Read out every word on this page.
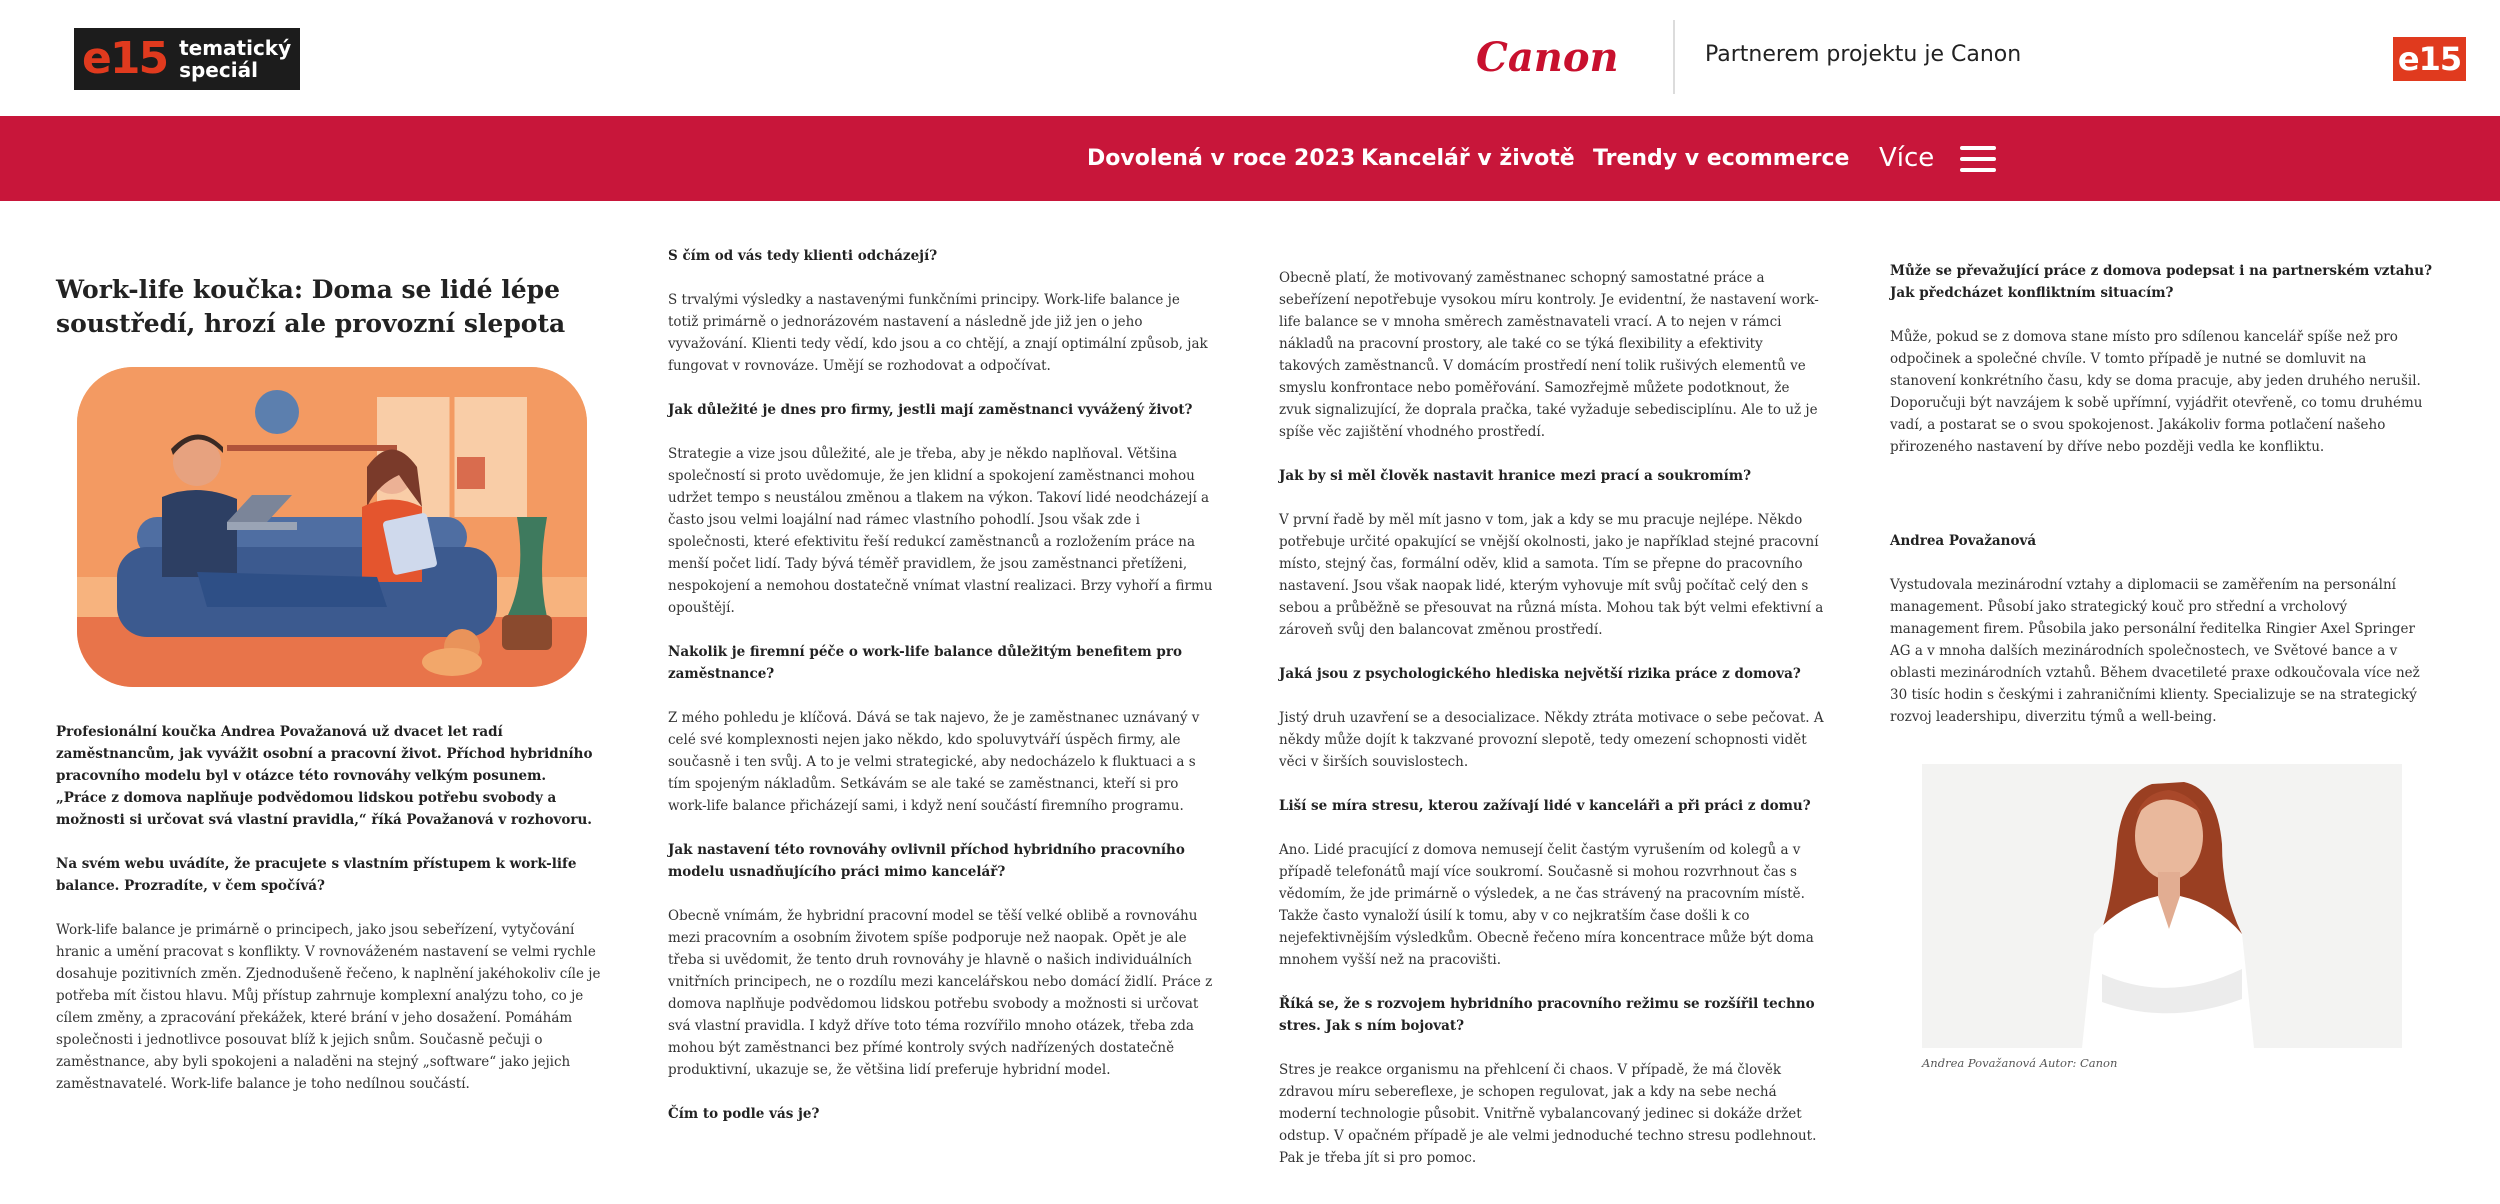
e15 tematický
speciál	Canon	Partnerem projektu je Canon	e15
Dovolená v roce 2023 Kancelář v životě Trendy v ecommerce Více
Work-life koučka: Doma se lidé lépe soustředí, hrozí ale provozní slepota

Profesionální koučka Andrea Považanová už dvacet let radí zaměstnancům, jak vyvážit osobní a pracovní život. Příchod hybridního pracovního modelu byl v otázce této rovnováhy velkým posunem. „Práce z domova naplňuje podvědomou lidskou potřebu svobody a možnosti si určovat svá vlastní pravidla,“ říká Považanová v rozhovoru.

Na svém webu uvádíte, že pracujete s vlastním přístupem k work-life balance. Prozradíte, v čem spočívá?

Work-life balance je primárně o principech, jako jsou sebeřízení, vytyčování hranic a umění pracovat s konflikty. V rovnováženém nastavení se velmi rychle dosahuje pozitivních změn. Zjednodušeně řečeno, k naplnění jakéhokoliv cíle je potřeba mít čistou hlavu. Můj přístup zahrnuje komplexní analýzu toho, co je cílem změny, a zpracování překážek, které brání v jeho dosažení. Pomáhám společnosti i jednotlivce posouvat blíž k jejich snům. Současně pečuji o zaměstnance, aby byli spokojeni a naladěni na stejný „software“ jako jejich zaměstnavatelé. Work-life balance je toho nedílnou součástí.

S čím od vás tedy klienti odcházejí?

S trvalými výsledky a nastavenými funkčními principy. Work-life balance je totiž primárně o jednorázovém nastavení a následně jde již jen o jeho vyvažování. Klienti tedy vědí, kdo jsou a co chtějí, a znají optimální způsob, jak fungovat v rovnováze. Umějí se rozhodovat a odpočívat.

Jak důležité je dnes pro firmy, jestli mají zaměstnanci vyvážený život?

Strategie a vize jsou důležité, ale je třeba, aby je někdo naplňoval. Většina společností si proto uvědomuje, že jen klidní a spokojení zaměstnanci mohou udržet tempo s neustálou změnou a tlakem na výkon. Takoví lidé neodcházejí a často jsou velmi loajální nad rámec vlastního pohodlí. Jsou však zde i společnosti, které efektivitu řeší redukcí zaměstnanců a rozložením práce na menší počet lidí. Tady bývá téměř pravidlem, že jsou zaměstnanci přetíženi, nespokojení a nemohou dostatečně vnímat vlastní realizaci. Brzy vyhoří a firmu opouštějí.

Nakolik je firemní péče o work-life balance důležitým benefitem pro zaměstnance?

Z mého pohledu je klíčová. Dává se tak najevo, že je zaměstnanec uznávaný v celé své komplexnosti nejen jako někdo, kdo spoluvytváří úspěch firmy, ale současně i ten svůj. A to je velmi strategické, aby nedocházelo k fluktuaci a s tím spojeným nákladům. Setkávám se ale také se zaměstnanci, kteří si pro work-life balance přicházejí sami, i když není součástí firemního programu.

Jak nastavení této rovnováhy ovlivnil příchod hybridního pracovního modelu usnadňujícího práci mimo kancelář?

Obecně vnímám, že hybridní pracovní model se těší velké oblibě a rovnováhu mezi pracovním a osobním životem spíše podporuje než naopak. Opět je ale třeba si uvědomit, že tento druh rovnováhy je hlavně o našich individuálních vnitřních principech, ne o rozdílu mezi kancelářskou nebo domácí židlí. Práce z domova naplňuje podvědomou lidskou potřebu svobody a možnosti si určovat svá vlastní pravidla. I když dříve toto téma rozvířilo mnoho otázek, třeba zda mohou být zaměstnanci bez přímé kontroly svých nadřízených dostatečně produktivní, ukazuje se, že většina lidí preferuje hybridní model.

Čím to podle vás je?

Obecně platí, že motivovaný zaměstnanec schopný samostatné práce a sebeřízení nepotřebuje vysokou míru kontroly. Je evidentní, že nastavení work-life balance se v mnoha směrech zaměstnavateli vrací. A to nejen v rámci nákladů na pracovní prostory, ale také co se týká flexibility a efektivity takových zaměstnanců. V domácím prostředí není tolik rušivých elementů ve smyslu konfrontace nebo poměřování. Samozřejmě můžete podotknout, že zvuk signalizující, že doprala pračka, také vyžaduje sebedisciplínu. Ale to už je spíše věc zajištění vhodného prostředí.

Jak by si měl člověk nastavit hranice mezi prací a soukromím?

V první řadě by měl mít jasno v tom, jak a kdy se mu pracuje nejlépe. Někdo potřebuje určité opakující se vnější okolnosti, jako je například stejné pracovní místo, stejný čas, formální oděv, klid a samota. Tím se přepne do pracovního nastavení. Jsou však naopak lidé, kterým vyhovuje mít svůj počítač celý den s sebou a průběžně se přesouvat na různá místa. Mohou tak být velmi efektivní a zároveň svůj den balancovat změnou prostředí.

Jaká jsou z psychologického hlediska největší rizika práce z domova?

Jistý druh uzavření se a desocializace. Někdy ztráta motivace o sebe pečovat. A někdy může dojít k takzvané provozní slepotě, tedy omezení schopnosti vidět věci v širších souvislostech.

Liší se míra stresu, kterou zažívají lidé v kanceláři a při práci z domu?

Ano. Lidé pracující z domova nemusejí čelit častým vyrušením od kolegů a v případě telefonátů mají více soukromí. Současně si mohou rozvrhnout čas s vědomím, že jde primárně o výsledek, a ne čas strávený na pracovním místě. Takže často vynaloží úsilí k tomu, aby v co nejkratším čase došli k co nejefektivnějším výsledkům. Obecně řečeno míra koncentrace může být doma mnohem vyšší než na pracovišti.

Říká se, že s rozvojem hybridního pracovního režimu se rozšířil techno stres. Jak s ním bojovat?

Stres je reakce organismu na přehlcení či chaos. V případě, že má člověk zdravou míru sebereflexe, je schopen regulovat, jak a kdy na sebe nechá moderní technologie působit. Vnitřně vybalancovaný jedinec si dokáže držet odstup. V opačném případě je ale velmi jednoduché techno stresu podlehnout. Pak je třeba jít si pro pomoc.

Může se převažující práce z domova podepsat i na partnerském vztahu? Jak předcházet konfliktním situacím?

Může, pokud se z domova stane místo pro sdílenou kancelář spíše než pro odpočinek a společné chvíle. V tomto případě je nutné se domluvit na stanovení konkrétního času, kdy se doma pracuje, aby jeden druhého nerušil. Doporučuji být navzájem k sobě upřímní, vyjádřit otevřeně, co tomu druhému vadí, a postarat se o svou spokojenost. Jakákoliv forma potlačení našeho přirozeného nastavení by dříve nebo později vedla ke konfliktu.

Andrea Považanová

Vystudovala mezinárodní vztahy a diplomacii se zaměřením na personální management. Působí jako strategický kouč pro střední a vrcholový management firem. Působila jako personální ředitelka Ringier Axel Springer AG a v mnoha dalších mezinárodních společnostech, ve Světové bance a v oblasti mezinárodních vztahů. Během dvacetileté praxe odkoučovala více než 30 tisíc hodin s českými i zahraničními klienty. Specializuje se na strategický rozvoj leadershipu, diverzitu týmů a well-being.

Andrea Považanová Autor: Canon
